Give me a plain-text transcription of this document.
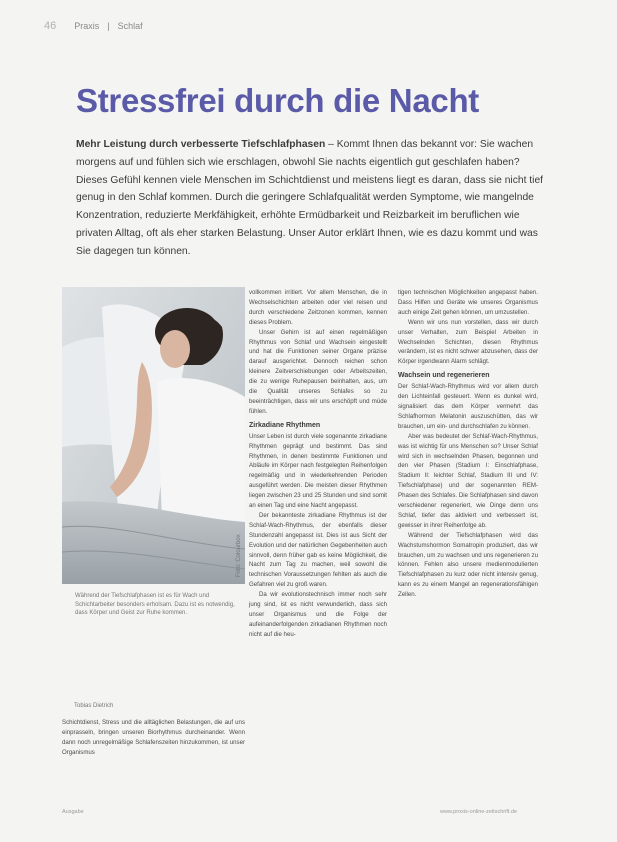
46 Praxis | Schlaf
Stressfrei durch die Nacht

Mehr Leistung durch verbesserte Tiefschlafphasen – Kommt Ihnen das bekannt vor: Sie wachen morgens auf und fühlen sich wie erschlagen, obwohl Sie nachts eigentlich gut geschlafen haben? Dieses Gefühl kennen viele Menschen im Schichtdienst und meistens liegt es daran, dass sie nicht tief genug in den Schlaf kommen. Durch die geringere Schlafqualität werden Symptome, wie mangelnde Konzentration, reduzierte Merkfähigkeit, erhöhte Ermüdbarkeit und Reizbarkeit im beruflichen wie privaten Alltag, oft als eher starken Belastung. Unser Autor erklärt Ihnen, wie es dazu kommt und was Sie dagegen tun können.

Foto: Colourbox

Während der Tiefschlafphasen ist es für Wach und Schichtarbeiter besonders erholsam. Dazu ist es notwendig, dass Körper und Geist zur Ruhe kommen.

Tobias Dietrich

Schichtdienst, Stress und die alltäglichen Belastungen, die auf uns einprasseln, bringen unseren Biorhythmus durcheinander. Wenn dann noch unregelmäßige Schlafenszeiten hinzukommen, ist unser Organismus

vollkommen irritiert. Vor allem Menschen, die in Wechselschichten arbeiten oder viel reisen und durch verschiedene Zeitzonen kommen, kennen dieses Problem.

Unser Gehirn ist auf einen regelmäßigen Rhythmus von Schlaf und Wachsein eingestellt und hat die Funktionen seiner Organe präzise darauf ausgerichtet. Dennoch reichen schon kleinere Zeitverschiebungen oder Arbeitszeiten, die zu wenige Ruhepausen beinhalten, aus, um die Qualität unseres Schlafes so zu beeinträchtigen, dass wir uns erschöpft und müde fühlen.

Zirkadiane Rhythmen

Unser Leben ist durch viele sogenannte zirkadiane Rhythmen geprägt und bestimmt. Das sind Rhythmen, in denen bestimmte Funktionen und Abläufe im Körper nach festgelegten Reihenfolgen regelmäßig und in wiederkehrenden Perioden ausgeführt werden. Die meisten dieser Rhythmen liegen zwischen 23 und 25 Stunden und sind somit an einen Tag und eine Nacht angepasst.

Der bekannteste zirkadiane Rhythmus ist der Schlaf-Wach-Rhythmus, der ebenfalls dieser Stundenzahl angepasst ist. Dies ist aus Sicht der Evolution und der natürlichen Gegebenheiten auch sinnvoll, denn früher gab es keine Möglichkeit, die Nacht zum Tag zu machen, weil sowohl die technischen Voraussetzungen fehlten als auch die Gefahren viel zu groß waren.

Da wir evolutionstechnisch immer noch sehr jung sind, ist es nicht verwunderlich, dass sich unser Organismus und die Folge der aufeinanderfolgenden zirkadianen Rhythmen noch nicht auf die heu-

tigen technischen Möglichkeiten angepasst haben. Dass Hilfen und Geräte wie unseres Organismus auch einige Zeit gehen können, um umzustellen.

Wenn wir uns nun vorstellen, dass wir durch unser Verhalten, zum Beispiel Arbeiten in Wechselnden Schichten, diesen Rhythmus verändern, ist es nicht schwer abzusehen, dass der Körper irgendwann Alarm schlägt.

Wachsein und regenerieren

Der Schlaf-Wach-Rhythmus wird vor allem durch den Lichteinfall gesteuert. Wenn es dunkel wird, signalisiert das dem Körper vermehrt das Schlafhormon Melatonin auszuschütten, das wir brauchen, um ein- und durchschlafen zu können.

Aber was bedeutet der Schlaf-Wach-Rhythmus, was ist wichtig für uns Menschen so? Unser Schlaf wird sich in wechselnden Phasen, begonnen und den vier Phasen (Stadium I: Einschlafphase, Stadium II: leichter Schlaf, Stadium III und IV: Tiefschlafphase) und der sogenannten REM-Phasen des Schlafes. Die Schlafphasen sind davon verschiedener regeneriert, wie Dinge denn uns Schlaf, tiefer das aktiviert und verbessert ist, gewisser in ihrer Reihenfolge ab.

Während der Tiefschlafphasen wird das Wachstumshormon Somatropin produziert, das wir brauchen, um zu wachsen und uns regenerieren zu können. Fehlen also unsere medienmodulierten Tiefschlafphasen zu kurz oder nicht intensiv genug, kann es zu einem Mangel an regenerationsfähigen Zellen.

Ausgabe	www.proxis-online-zeitschrift.de
